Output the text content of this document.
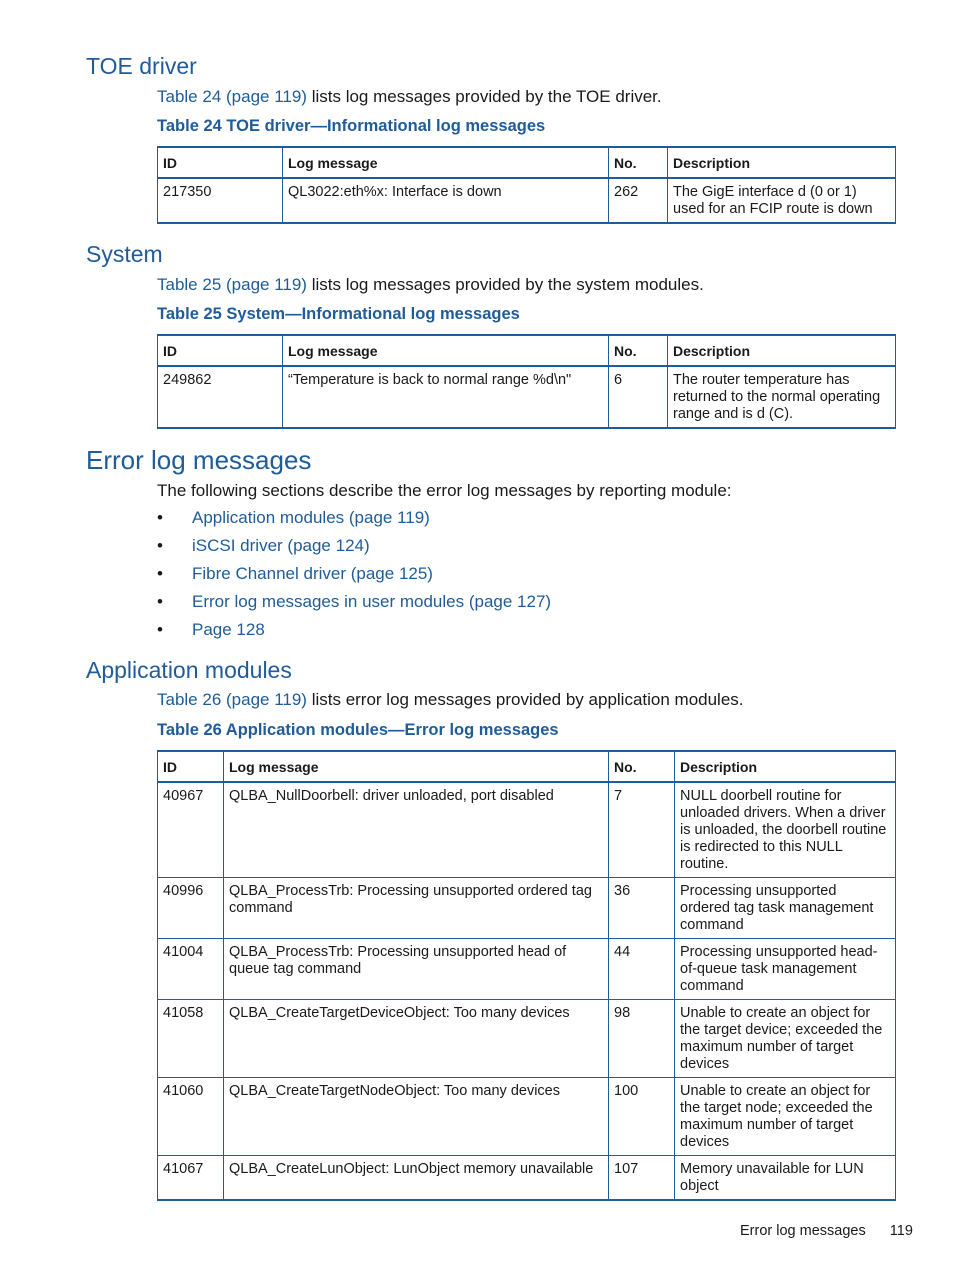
TOE driver
Table 24 (page 119) lists log messages provided by the TOE driver.
Table 24 TOE driver—Informational log messages
ID	Log message	No.	Description
217350	QL3022:eth%x: Interface is down	262	The GigE interface d (0 or 1) used for an FCIP route is down
System
Table 25 (page 119) lists log messages provided by the system modules.
Table 25 System—Informational log messages
ID	Log message	No.	Description
249862	“Temperature is back to normal range %d\n"	6	The router temperature has returned to the normal operating range and is d (C).
Error log messages
The following sections describe the error log messages by reporting module:
• Application modules (page 119)
• iSCSI driver (page 124)
• Fibre Channel driver (page 125)
• Error log messages in user modules (page 127)
• Page 128
Application modules
Table 26 (page 119) lists error log messages provided by application modules.
Table 26 Application modules—Error log messages
ID	Log message	No.	Description
40967	QLBA_NullDoorbell: driver unloaded, port disabled	7	NULL doorbell routine for unloaded drivers. When a driver is unloaded, the doorbell routine is redirected to this NULL routine.
40996	QLBA_ProcessTrb: Processing unsupported ordered tag command	36	Processing unsupported ordered tag task management command
41004	QLBA_ProcessTrb: Processing unsupported head of queue tag command	44	Processing unsupported head-of-queue task management command
41058	QLBA_CreateTargetDeviceObject: Too many devices	98	Unable to create an object for the target device; exceeded the maximum number of target devices
41060	QLBA_CreateTargetNodeObject: Too many devices	100	Unable to create an object for the target node; exceeded the maximum number of target devices
41067	QLBA_CreateLunObject: LunObject memory unavailable	107	Memory unavailable for LUN object
Error log messages 119
